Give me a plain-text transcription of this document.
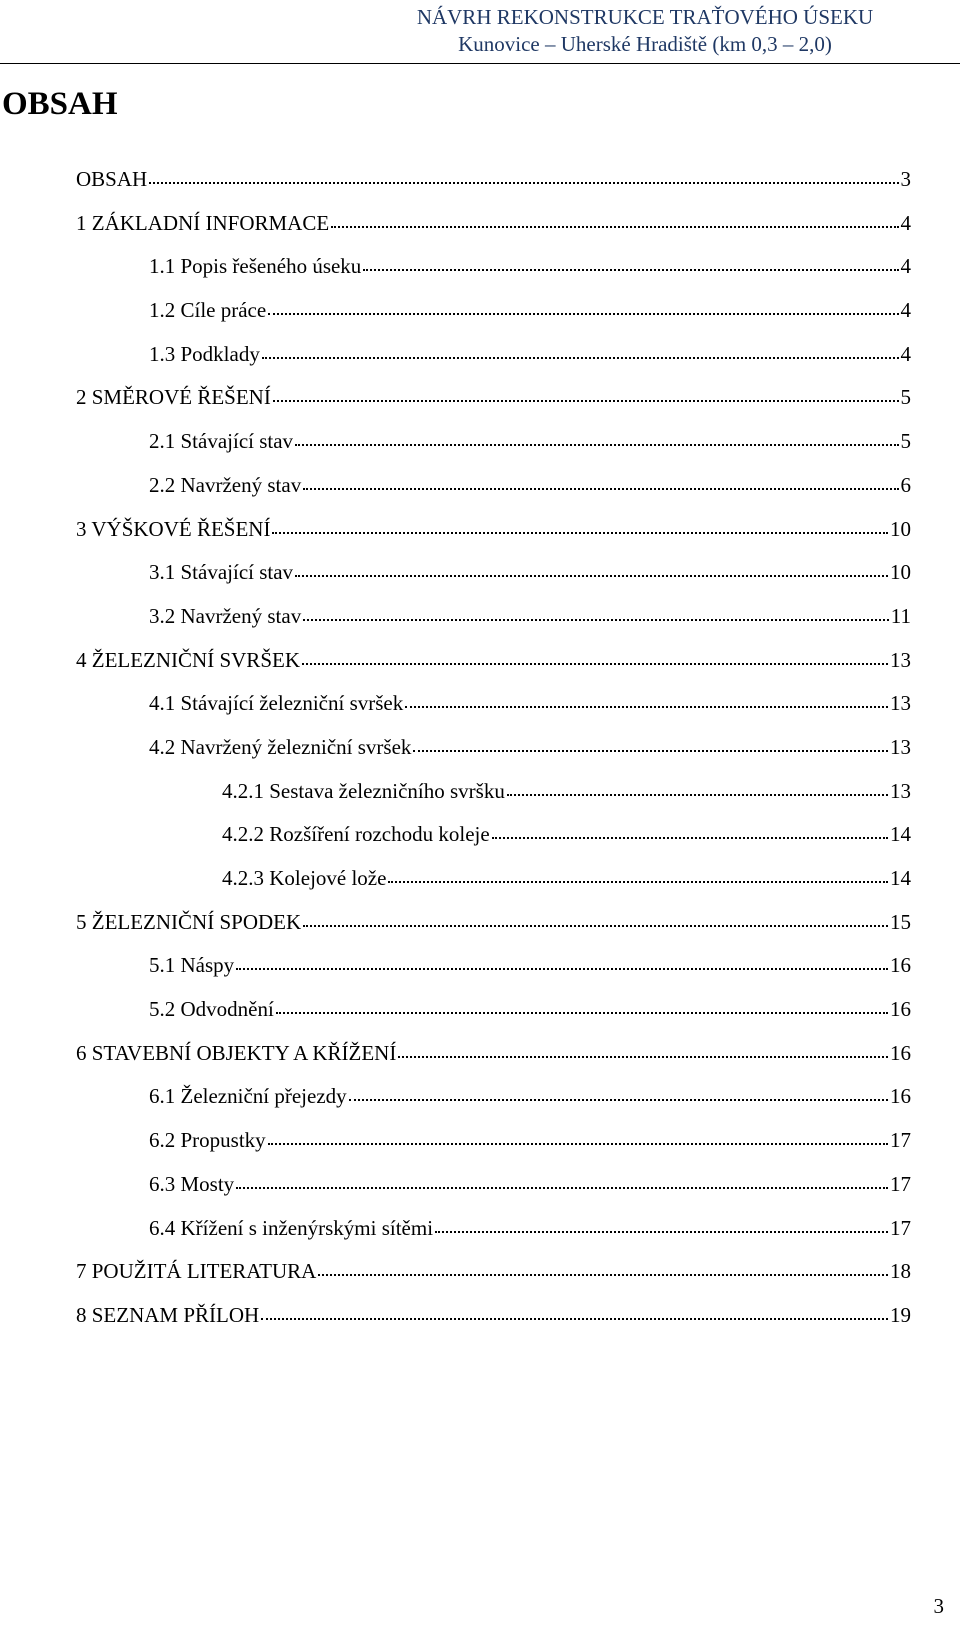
NÁVRH REKONSTRUKCE TRAŤOVÉHO ÚSEKU
Kunovice – Uherské Hradiště (km 0,3 – 2,0)
OBSAH
OBSAH	3
1 ZÁKLADNÍ INFORMACE	4
1.1 Popis řešeného úseku	4
1.2 Cíle práce	4
1.3 Podklady	4
2 SMĚROVÉ ŘEŠENÍ	5
2.1 Stávající stav	5
2.2 Navržený stav	6
3 VÝŠKOVÉ ŘEŠENÍ	10
3.1 Stávající stav	10
3.2 Navržený stav	11
4 ŽELEZNIČNÍ SVRŠEK	13
4.1 Stávající železniční svršek	13
4.2 Navržený železniční svršek	13
4.2.1 Sestava železničního svršku	13
4.2.2 Rozšíření rozchodu koleje	14
4.2.3 Kolejové lože	14
5 ŽELEZNIČNÍ SPODEK	15
5.1 Náspy	16
5.2 Odvodnění	16
6 STAVEBNÍ OBJEKTY A KŘÍŽENÍ	16
6.1 Železniční přejezdy	16
6.2 Propustky	17
6.3 Mosty	17
6.4 Křížení s inženýrskými sítěmi	17
7 POUŽITÁ LITERATURA	18
8 SEZNAM PŘÍLOH	19
3
